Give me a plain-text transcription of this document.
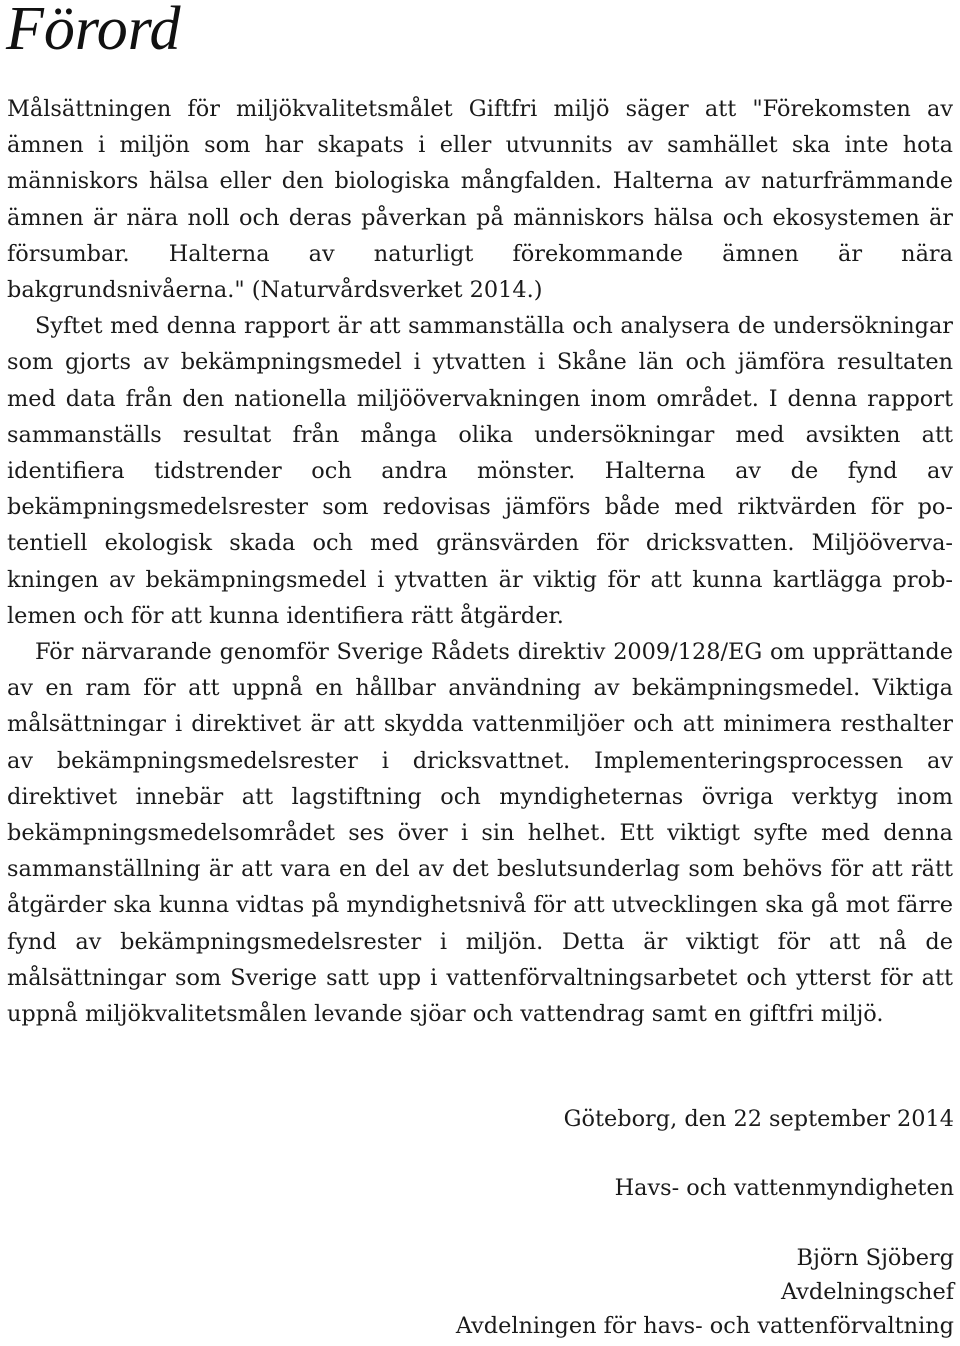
Förord

Målsättningen för miljökvalitetsmålet Giftfri miljö säger att "Förekomsten av ämnen i miljön som har skapats i eller utvunnits av samhället ska inte hota människors hälsa eller den biologiska mångfalden. Halterna av naturfrämmande ämnen är nära noll och deras påverkan på människors hälsa och ekosystemen är försumbar. Halterna av naturligt förekommande ämnen är nära bakgrundsnivåerna." (Naturvårdsverket 2014.)

Syftet med denna rapport är att sammanställa och analysera de undersökningar som gjorts av bekämpningsmedel i ytvatten i Skåne län och jämföra resultaten med data från den nationella miljöövervakningen inom området. I denna rapport sammanställs resultat från många olika undersökningar med avsikten att identifiera tidstrender och andra mönster. Halterna av de fynd av bekämpningsmedelsrester som redovisas jämförs både med riktvärden för potentiell ekologisk skada och med gränsvärden för dricksvatten. Miljöövervakningen av bekämpningsmedel i ytvatten är viktig för att kunna kartlägga problemen och för att kunna identifiera rätt åtgärder.

För närvarande genomför Sverige Rådets direktiv 2009/128/EG om upprättande av en ram för att uppnå en hållbar användning av bekämpningsmedel. Viktiga målsättningar i direktivet är att skydda vattenmiljöer och att minimera resthalter av bekämpningsmedelsrester i dricksvattnet. Implementeringsprocessen av direktivet innebär att lagstiftning och myndigheternas övriga verktyg inom bekämpningsmedelsområdet ses över i sin helhet. Ett viktigt syfte med denna sammanställning är att vara en del av det beslutsunderlag som behövs för att rätt åtgärder ska kunna vidtas på myndighetsnivå för att utvecklingen ska gå mot färre fynd av bekämpningsmedelsrester i miljön. Detta är viktigt för att nå de målsättningar som Sverige satt upp i vattenförvaltningsarbetet och ytterst för att uppnå miljökvalitetsmålen levande sjöar och vattendrag samt en giftfri miljö.

Göteborg, den 22 september 2014
Havs- och vattenmyndigheten
Björn Sjöberg
Avdelningschef
Avdelningen för havs- och vattenförvaltning
